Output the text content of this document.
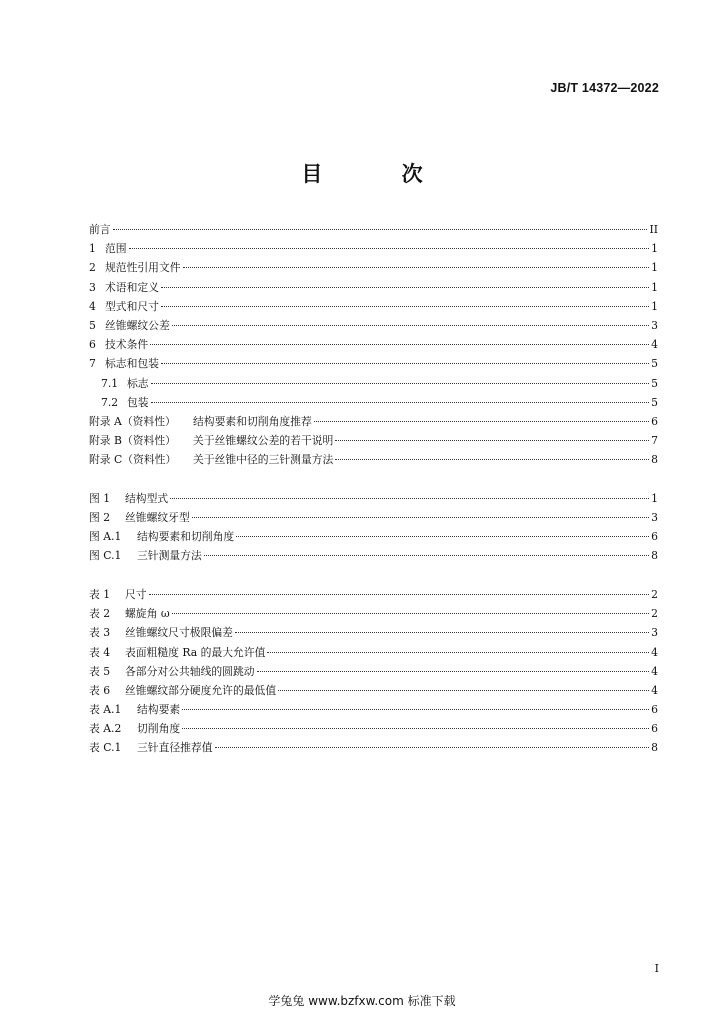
JB/T 14372—2022
目 次
前言	II
1 范围	1
2 规范性引用文件	1
3 术语和定义	1
4 型式和尺寸	1
5 丝锥螺纹公差	3
6 技术条件	4
7 标志和包装	5
7.1 标志	5
7.2 包装	5
附录 A（资料性）	结构要素和切削角度推荐	6
附录 B（资料性）	关于丝锥螺纹公差的若干说明	7
附录 C（资料性）	关于丝锥中径的三针测量方法	8
图 1	结构型式	1
图 2	丝锥螺纹牙型	3
图 A.1	结构要素和切削角度	6
图 C.1	三针测量方法	8
表 1	尺寸	2
表 2	螺旋角 ω	2
表 3	丝锥螺纹尺寸极限偏差	3
表 4	表面粗糙度 Ra 的最大允许值	4
表 5	各部分对公共轴线的圆跳动	4
表 6	丝锥螺纹部分硬度允许的最低值	4
表 A.1	结构要素	6
表 A.2	切削角度	6
表 C.1	三针直径推荐值	8
I
学兔兔 www.bzfxw.com 标准下载
